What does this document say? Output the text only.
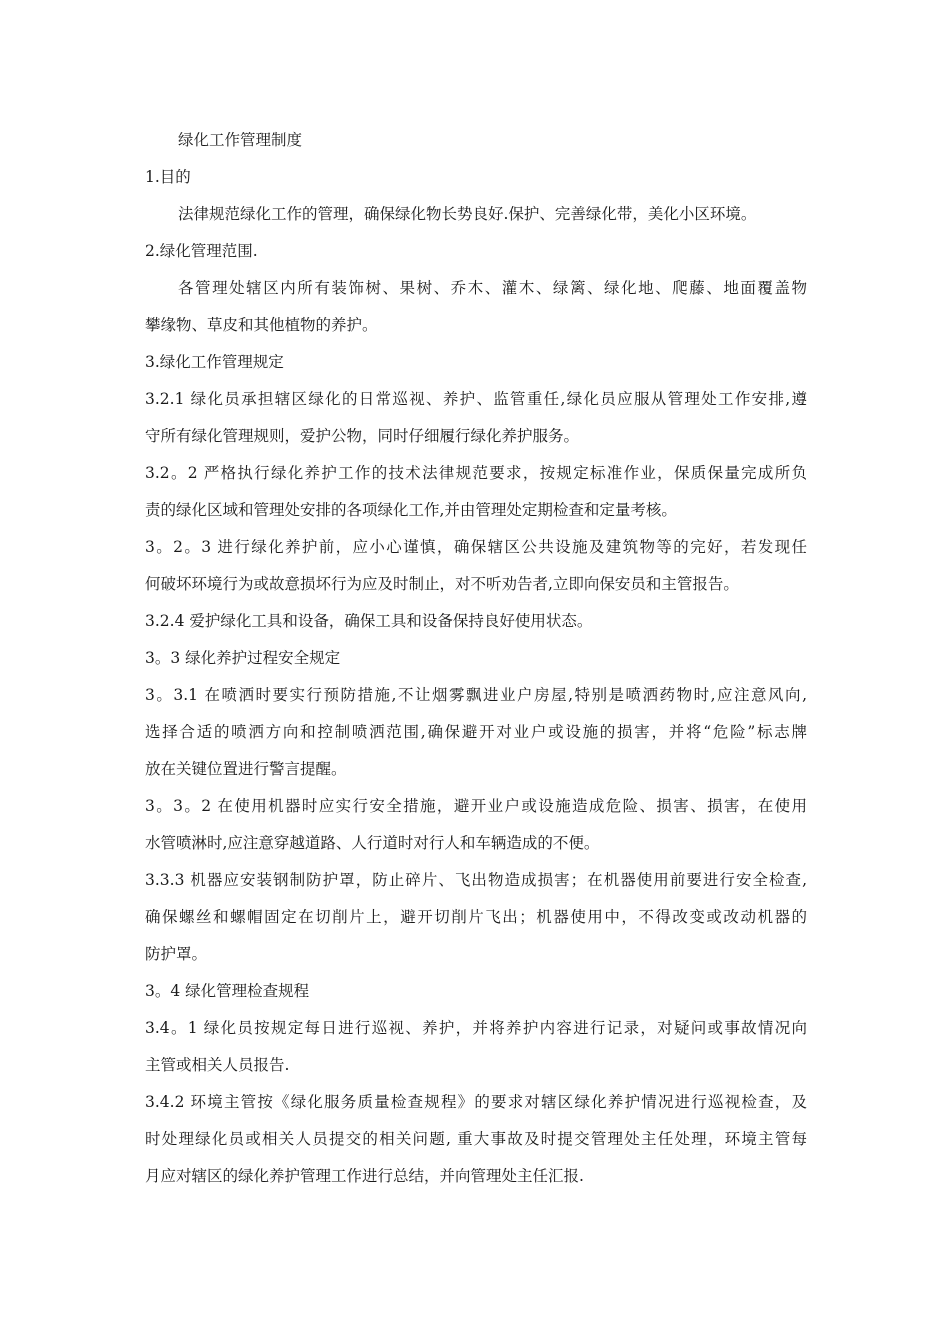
绿化工作管理制度
1.目的
法律规范绿化工作的管理，确保绿化物长势良好.保护、完善绿化带，美化小区环境。
2.绿化管理范围.
各管理处辖区内所有装饰树、果树、乔木、灌木、绿篱、绿化地、爬藤、地面覆盖物
攀缘物、草皮和其他植物的养护。
3.绿化工作管理规定
3.2.1 绿化员承担辖区绿化的日常巡视、养护、监管重任,绿化员应服从管理处工作安排,遵
守所有绿化管理规则，爱护公物，同时仔细履行绿化养护服务。
3.2。2 严格执行绿化养护工作的技术法律规范要求，按规定标准作业，保质保量完成所负
责的绿化区域和管理处安排的各项绿化工作,并由管理处定期检查和定量考核。
3。2。3 进行绿化养护前，应小心谨慎，确保辖区公共设施及建筑物等的完好，若发现任
何破坏环境行为或故意损坏行为应及时制止，对不听劝告者,立即向保安员和主管报告。
3.2.4 爱护绿化工具和设备，确保工具和设备保持良好使用状态。
3。3 绿化养护过程安全规定
3。3.1 在喷洒时要实行预防措施,不让烟雾飘进业户房屋,特别是喷洒药物时,应注意风向,
选择合适的喷洒方向和控制喷洒范围,确保避开对业户或设施的损害，并将“危险”标志牌
放在关键位置进行警言提醒。
3。3。2 在使用机器时应实行安全措施，避开业户或设施造成危险、损害、损害，在使用
水管喷淋时,应注意穿越道路、人行道时对行人和车辆造成的不便。
3.3.3 机器应安装钢制防护罩，防止碎片、飞出物造成损害；在机器使用前要进行安全检查,
确保螺丝和螺帽固定在切削片上，避开切削片飞出；机器使用中，不得改变或改动机器的
防护罩。
3。4 绿化管理检查规程
3.4。1 绿化员按规定每日进行巡视、养护，并将养护内容进行记录，对疑问或事故情况向
主管或相关人员报告.
3.4.2 环境主管按《绿化服务质量检查规程》的要求对辖区绿化养护情况进行巡视检查，及
时处理绿化员或相关人员提交的相关问题, 重大事故及时提交管理处主任处理，环境主管每
月应对辖区的绿化养护管理工作进行总结，并向管理处主任汇报.
